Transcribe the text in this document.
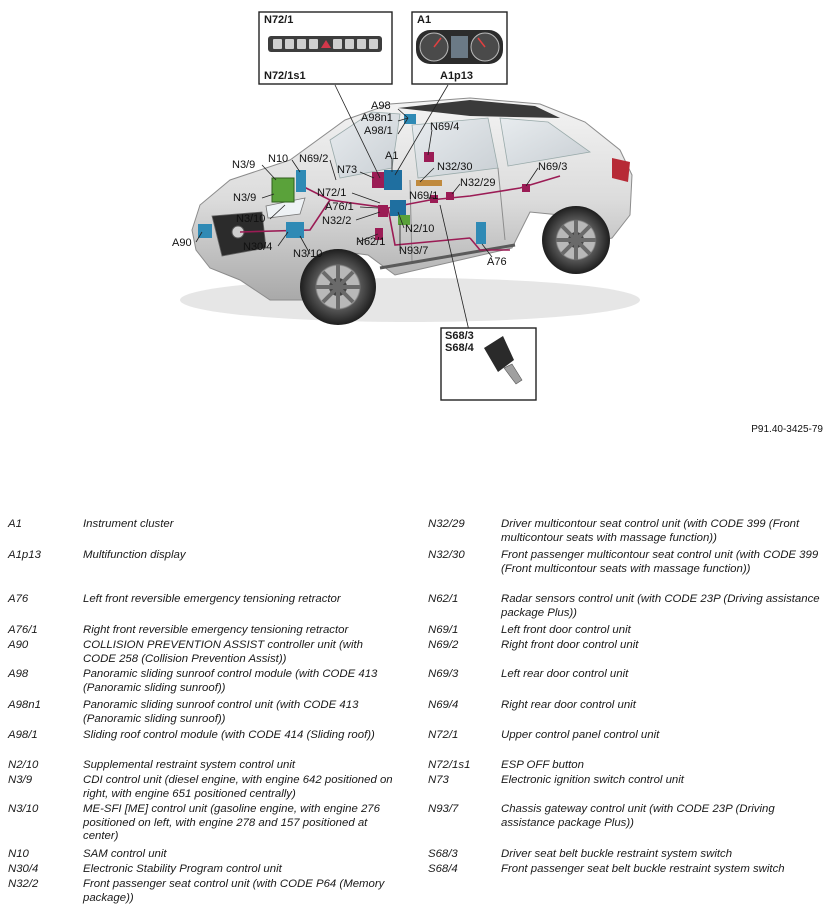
N72/1
N72/1s1
A1
A1p13
S68/3
S68/4
A98
A98n1
A98/1	N69/4
N3/9 N10 N69/2	A1
N32/30	N69/3
N73
N32/29
N3/9	N72/1	N69/1
A76/1
N3/10	N32/2
N2/10
A90	N62/1
N30/4	N93/7
N3/10
A76
P91.40-3425-79
A1	Instrument cluster
A1p13	Multifunction display
A76	Left front reversible emergency tensioning retractor
A76/1	Right front reversible emergency tensioning retractor
A90	COLLISION PREVENTION ASSIST controller unit (with CODE 258 (Collision Prevention Assist))
A98	Panoramic sliding sunroof control module (with CODE 413 (Panoramic sliding sunroof))
A98n1	Panoramic sliding sunroof control unit (with CODE 413 (Panoramic sliding sunroof))
A98/1	Sliding roof control module (with CODE 414 (Sliding roof))
N2/10	Supplemental restraint system control unit
N3/9	CDI control unit (diesel engine, with engine 642 positioned on right, with engine 651 positioned centrally)
N3/10	ME-SFI [ME] control unit (gasoline engine, with engine 276 positioned on left, with engine 278 and 157 positioned at center)
N10	SAM control unit
N30/4	Electronic Stability Program control unit
N32/2	Front passenger seat control unit (with CODE P64 (Memory package))
N32/29	Driver multicontour seat control unit (with CODE 399 (Front multicontour seats with massage function))
N32/30	Front passenger multicontour seat control unit (with CODE 399 (Front multicontour seats with massage function))
N62/1	Radar sensors control unit (with CODE 23P (Driving assistance package Plus))
N69/1	Left front door control unit
N69/2	Right front door control unit
N69/3	Left rear door control unit
N69/4	Right rear door control unit
N72/1	Upper control panel control unit
N72/1s1	ESP OFF button
N73	Electronic ignition switch control unit
N93/7	Chassis gateway control unit (with CODE 23P (Driving assistance package Plus))
S68/3	Driver seat belt buckle restraint system switch
S68/4	Front passenger seat belt buckle restraint system switch
